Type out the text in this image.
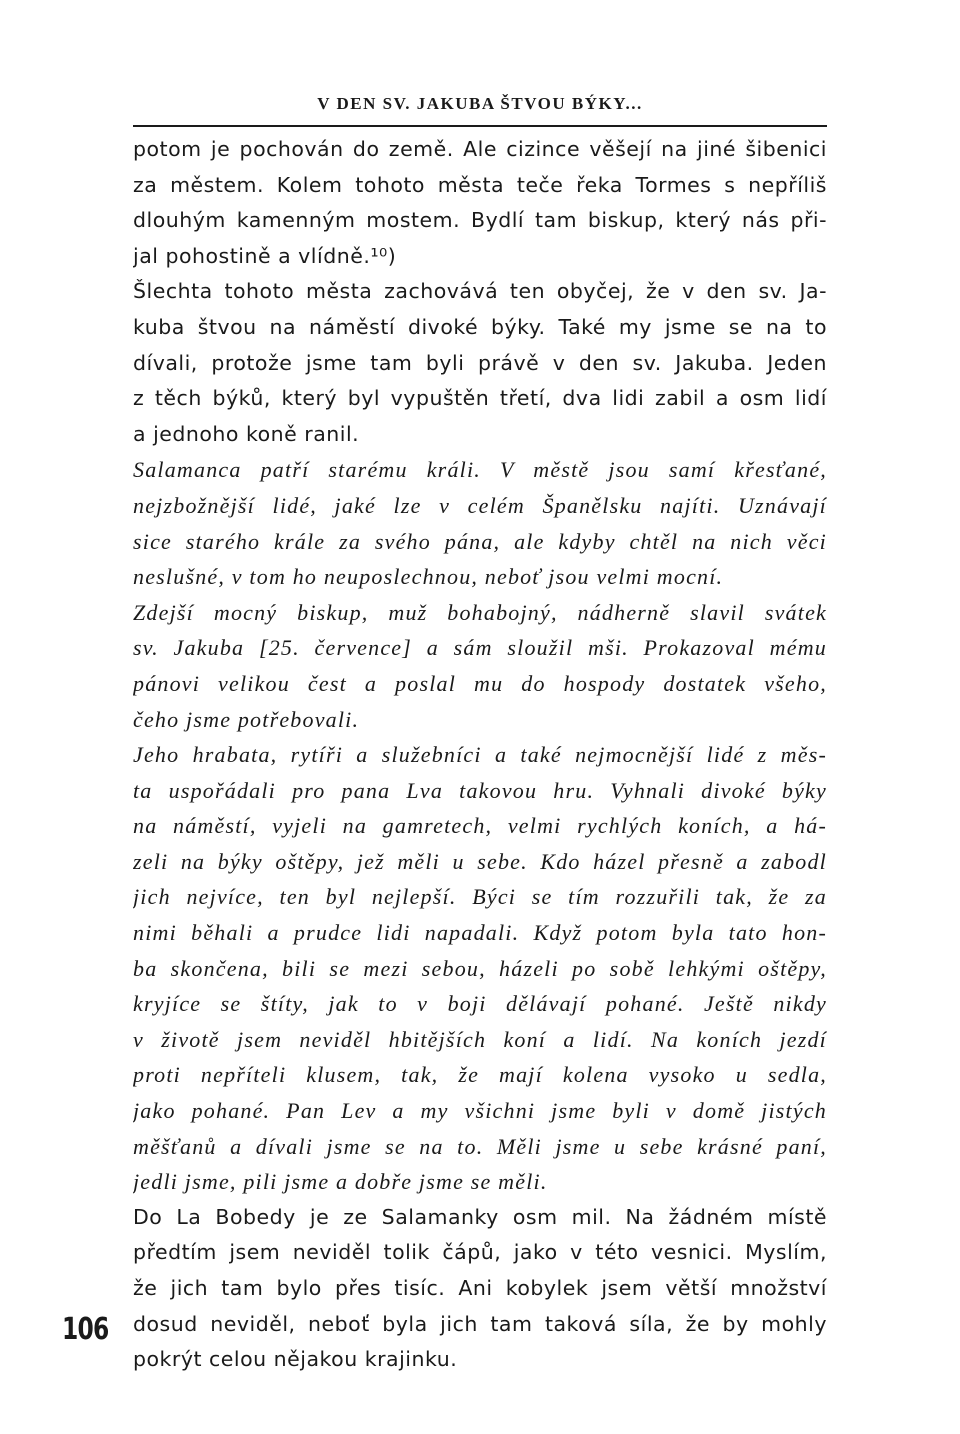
V DEN SV. JAKUBA ŠTVOU BÝKY...
potom je pochován do země. Ale cizince věšejí na jiné šibenici
za městem. Kolem tohoto města teče řeka Tormes s nepříliš
dlouhým kamenným mostem. Bydlí tam biskup, který nás při-
jal pohostině a vlídně.¹⁰)
Šlechta tohoto města zachovává ten obyčej, že v den sv. Ja-
kuba štvou na náměstí divoké býky. Také my jsme se na to
dívali, protože jsme tam byli právě v den sv. Jakuba. Jeden
z těch býků, který byl vypuštěn třetí, dva lidi zabil a osm lidí
a jednoho koně ranil.
Salamanca patří starému králi. V městě jsou samí křesťané,
nejzbožnější lidé, jaké lze v celém Španělsku najíti. Uznávají
sice starého krále za svého pána, ale kdyby chtěl na nich věci
neslušné, v tom ho neuposlechnou, neboť jsou velmi mocní.
Zdejší mocný biskup, muž bohabojný, nádherně slavil svátek
sv. Jakuba [25. července] a sám sloužil mši. Prokazoval mému
pánovi velikou čest a poslal mu do hospody dostatek všeho,
čeho jsme potřebovali.
Jeho hrabata, rytíři a služebníci a také nejmocnější lidé z měs-
ta uspořádali pro pana Lva takovou hru. Vyhnali divoké býky
na náměstí, vyjeli na gamretech, velmi rychlých koních, a há-
zeli na býky oštěpy, jež měli u sebe. Kdo házel přesně a zabodl
jich nejvíce, ten byl nejlepší. Býci se tím rozzuřili tak, že za
nimi běhali a prudce lidi napadali. Když potom byla tato hon-
ba skončena, bili se mezi sebou, házeli po sobě lehkými oštěpy,
kryjíce se štíty, jak to v boji dělávají pohané. Ještě nikdy
v životě jsem neviděl hbitějších koní a lidí. Na koních jezdí
proti nepříteli klusem, tak, že mají kolena vysoko u sedla,
jako pohané. Pan Lev a my všichni jsme byli v domě jistých
měšťanů a dívali jsme se na to. Měli jsme u sebe krásné paní,
jedli jsme, pili jsme a dobře jsme se měli.
Do La Bobedy je ze Salamanky osm mil. Na žádném místě
předtím jsem neviděl tolik čápů, jako v této vesnici. Myslím,
že jich tam bylo přes tisíc. Ani kobylek jsem větší množství
dosud neviděl, neboť byla jich tam taková síla, že by mohly
pokrýt celou nějakou krajinku.
106
